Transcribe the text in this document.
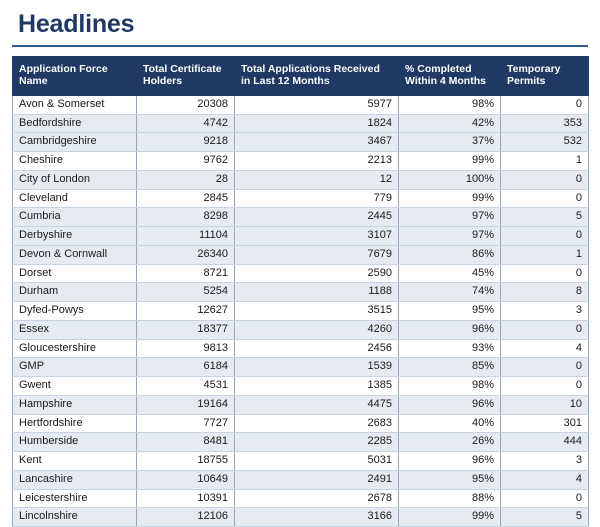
Headlines
Application Force Name	Total Certificate Holders	Total Applications Received in Last 12 Months	% Completed Within 4 Months	Temporary Permits
Avon & Somerset	20308	5977	98%	0
Bedfordshire	4742	1824	42%	353
Cambridgeshire	9218	3467	37%	532
Cheshire	9762	2213	99%	1
City of London	28	12	100%	0
Cleveland	2845	779	99%	0
Cumbria	8298	2445	97%	5
Derbyshire	11104	3107	97%	0
Devon & Cornwall	26340	7679	86%	1
Dorset	8721	2590	45%	0
Durham	5254	1188	74%	8
Dyfed-Powys	12627	3515	95%	3
Essex	18377	4260	96%	0
Gloucestershire	9813	2456	93%	4
GMP	6184	1539	85%	0
Gwent	4531	1385	98%	0
Hampshire	19164	4475	96%	10
Hertfordshire	7727	2683	40%	301
Humberside	8481	2285	26%	444
Kent	18755	5031	96%	3
Lancashire	10649	2491	95%	4
Leicestershire	10391	2678	88%	0
Lincolnshire	12106	3166	99%	5
